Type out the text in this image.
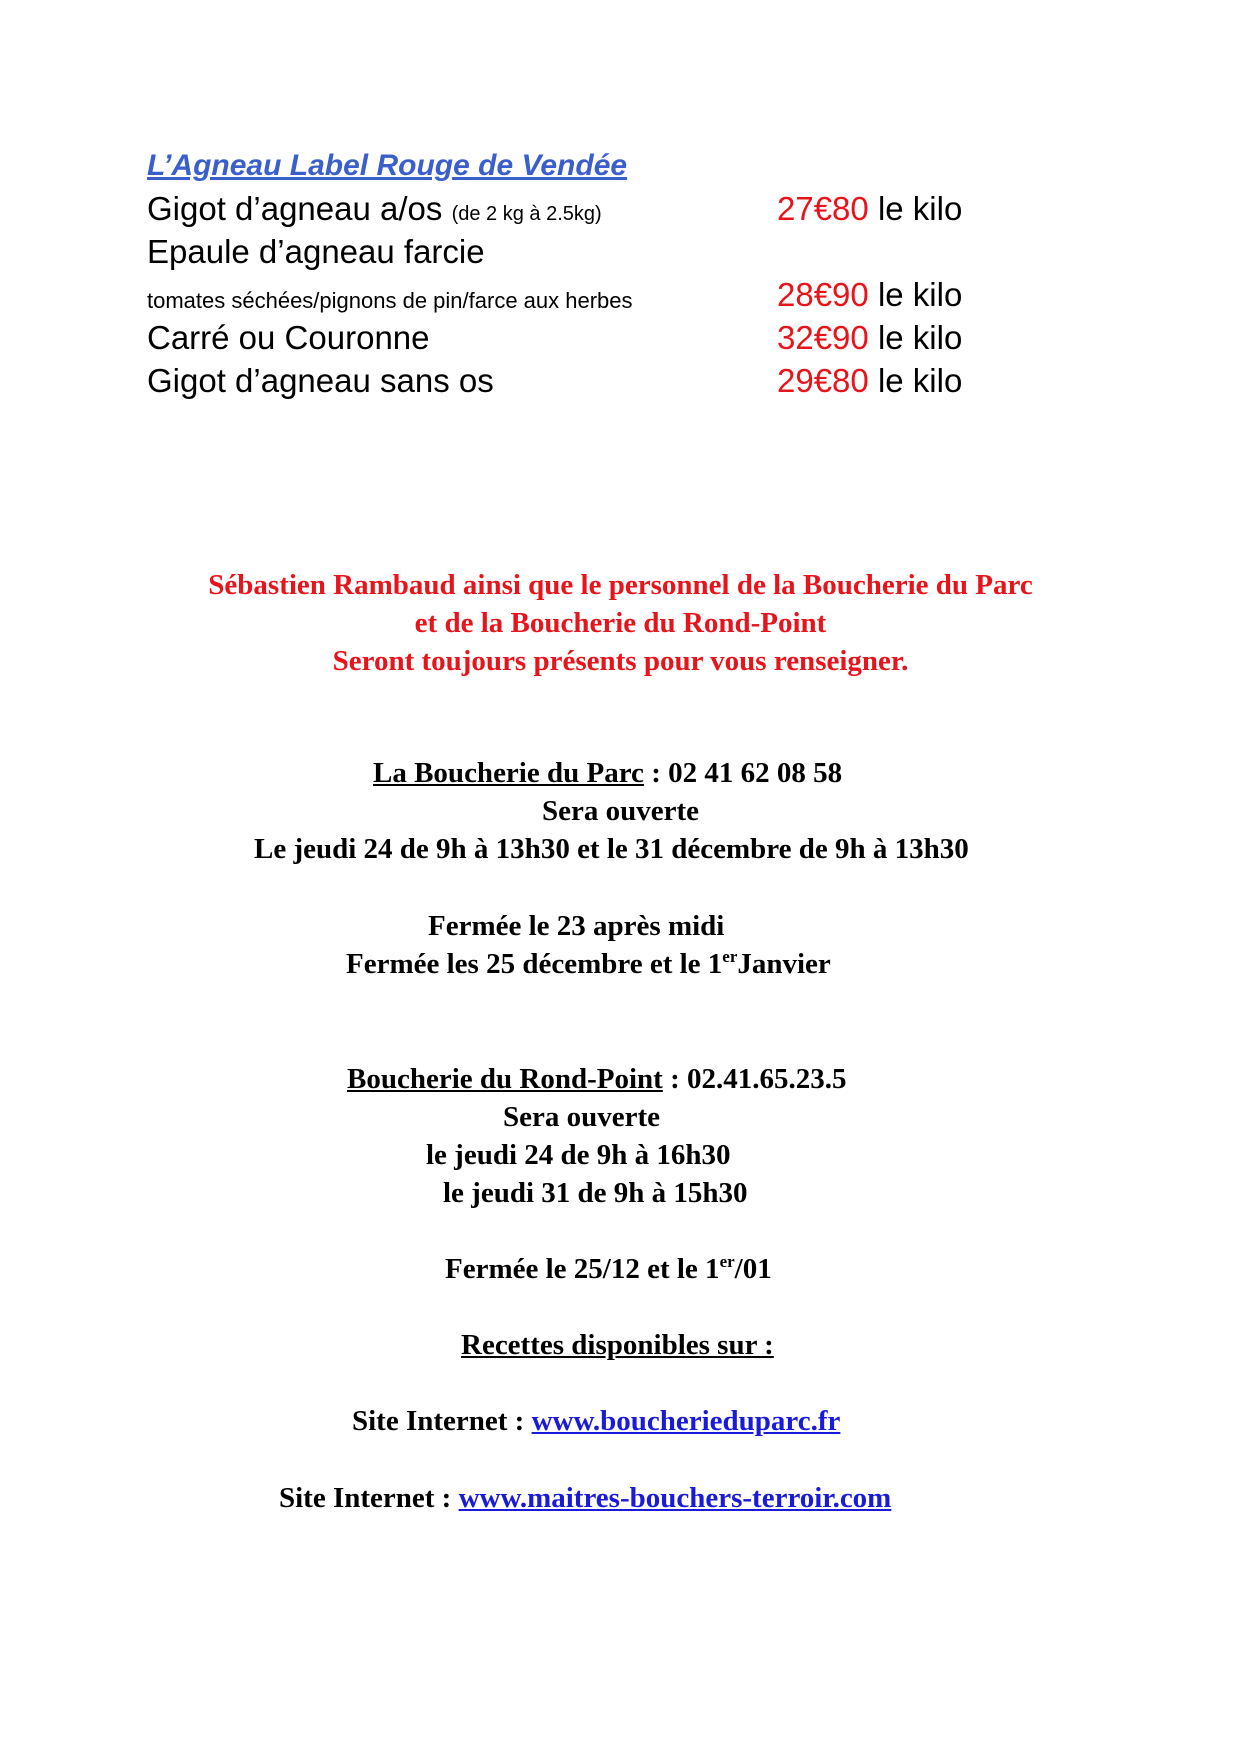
L’Agneau Label Rouge de Vendée
Gigot d’agneau a/os (de 2 kg à 2.5kg)	27€80 le kilo
Epaule d’agneau farcie
tomates séchées/pignons de pin/farce aux herbes	28€90 le kilo
Carré ou Couronne	32€90 le kilo
Gigot d’agneau sans os	29€80 le kilo
Sébastien Rambaud ainsi que le personnel de la Boucherie du Parc
et de la Boucherie du Rond-Point
Seront toujours présents pour vous renseigner.
La Boucherie du Parc : 02 41 62 08 58
Sera ouverte
Le jeudi 24 de 9h à 13h30 et le 31 décembre de 9h à 13h30
Fermée le 23 après midi
Fermée les 25 décembre et le 1erJanvier
Boucherie du Rond-Point : 02.41.65.23.5
Sera ouverte
le jeudi 24 de 9h à 16h30
le jeudi 31 de 9h à 15h30
Fermée le 25/12 et le 1er/01
Recettes disponibles sur :
Site Internet : www.boucherieduparc.fr
Site Internet : www.maitres-bouchers-terroir.com
